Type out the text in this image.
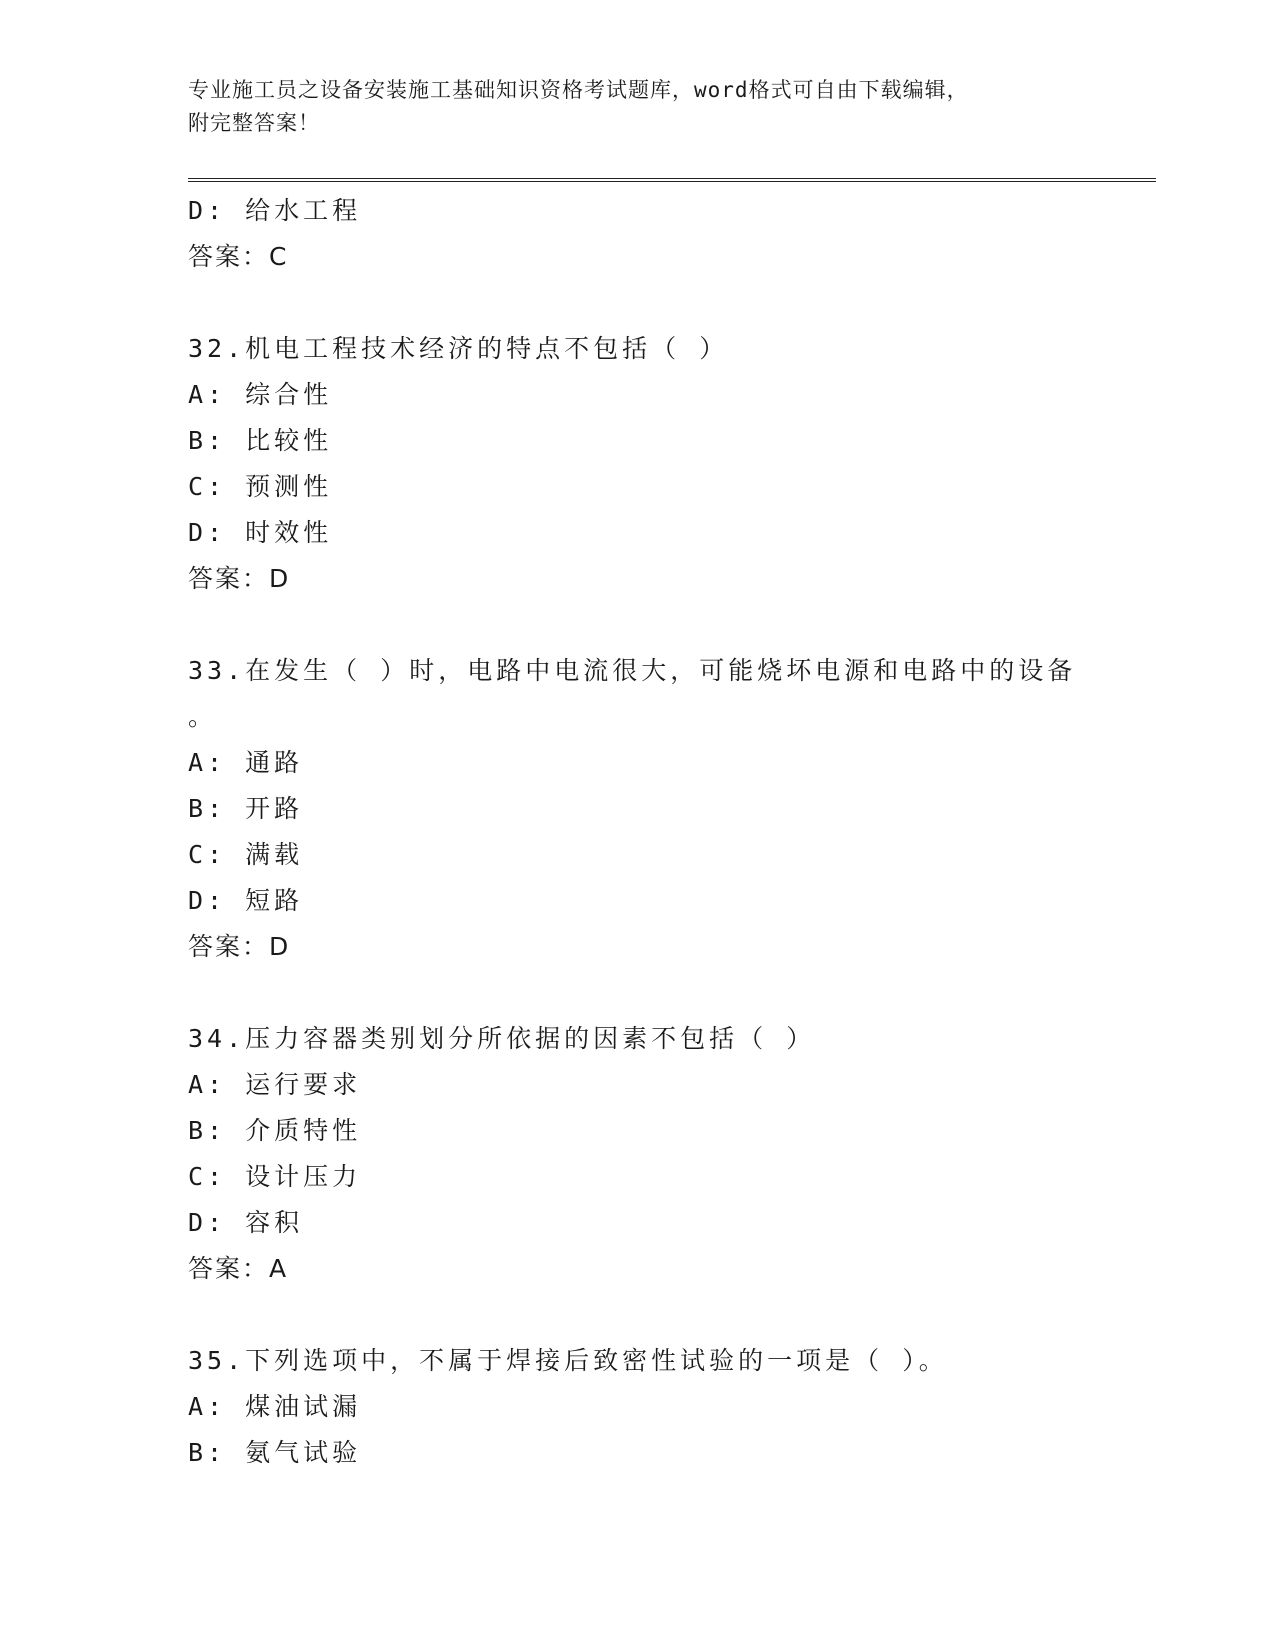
专业施工员之设备安装施工基础知识资格考试题库，word格式可自由下载编辑，
附完整答案！
D: 给水工程
答案：C
32.机电工程技术经济的特点不包括（ ）
A: 综合性
B: 比较性
C: 预测性
D: 时效性
答案：D
33.在发生（ ）时，电路中电流很大，可能烧坏电源和电路中的设备
。
A: 通路
B: 开路
C: 满载
D: 短路
答案：D
34.压力容器类别划分所依据的因素不包括（ ）
A: 运行要求
B: 介质特性
C: 设计压力
D: 容积
答案：A
35.下列选项中，不属于焊接后致密性试验的一项是（ ）。
A: 煤油试漏
B: 氨气试验
